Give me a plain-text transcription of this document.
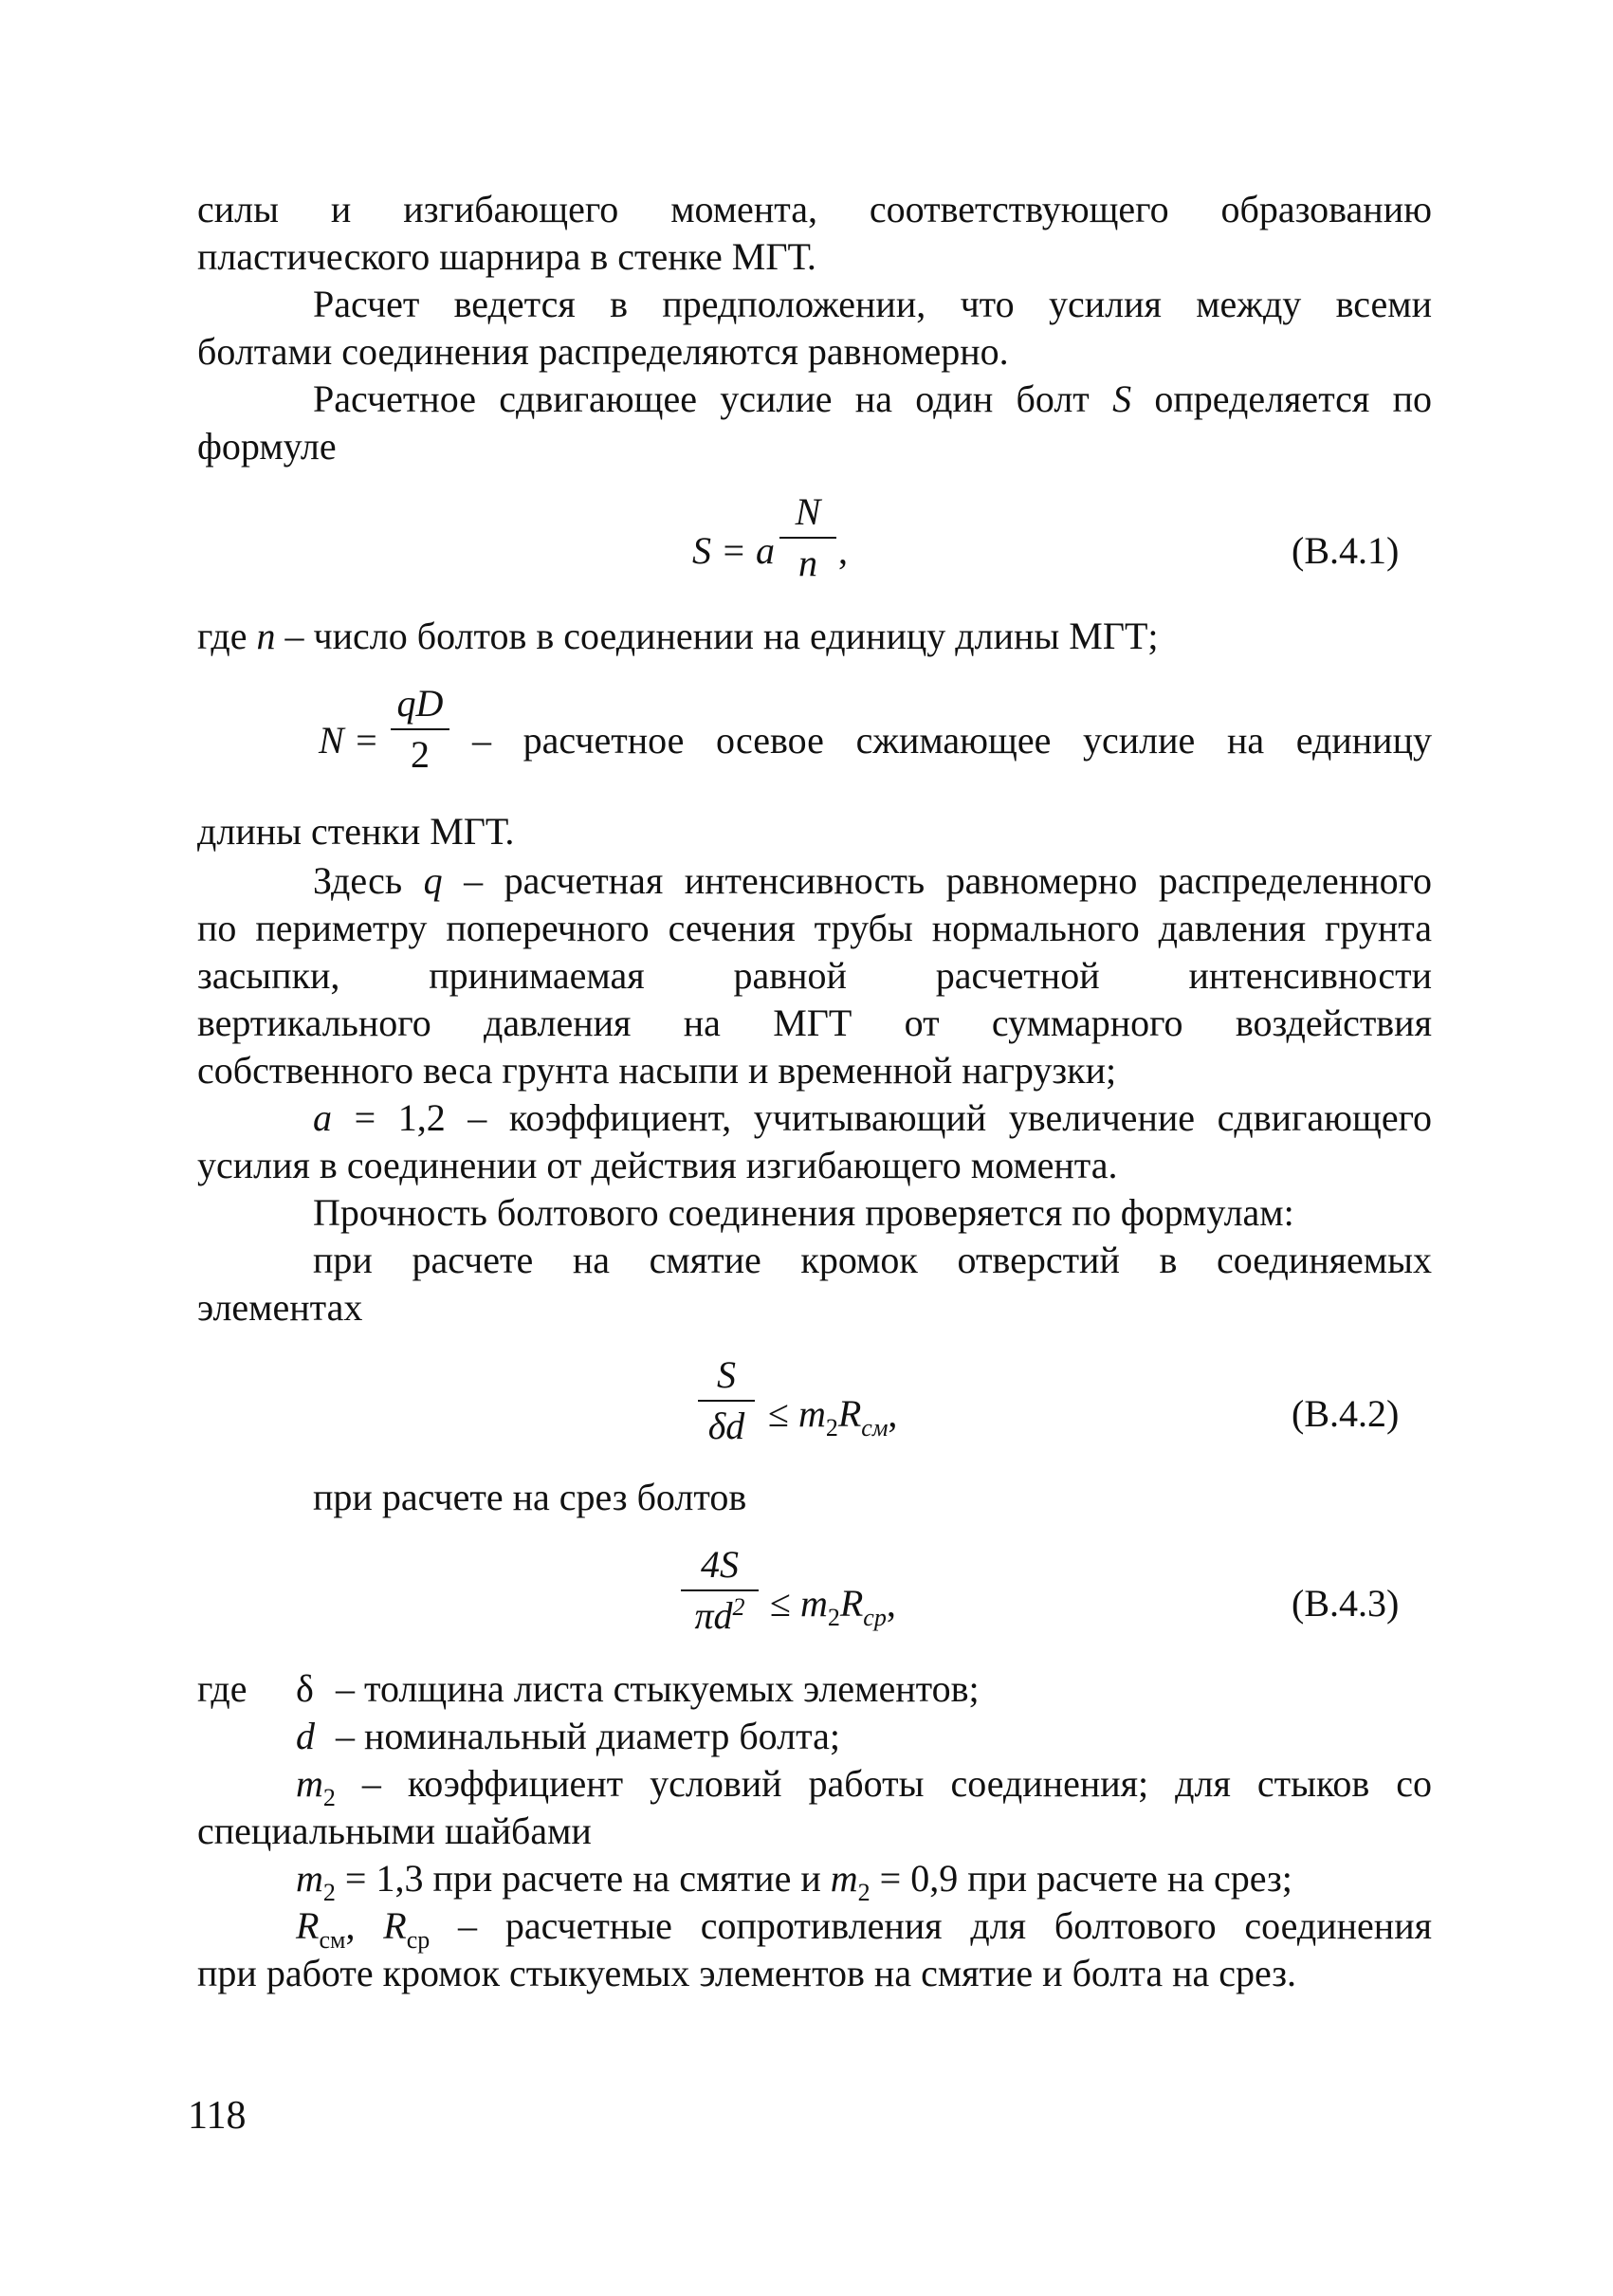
силы и изгибающего момента, соответствующего образованию
пластического шарнира в стенке МГТ.
Расчет ведется в предположении, что усилия между всеми
болтами соединения распределяются равномерно.
Расчетное сдвигающее усилие на один болт S определяется по
формуле
S = a
N
n ,	(B.4.1)
где n – число болтов в соединении на единицу длины МГТ;
N =
qD
2	– расчетное осевое сжимающее усилие на единицу
длины стенки МГТ.
Здесь q – расчетная интенсивность равномерно распределенного
по периметру поперечного сечения трубы нормального давления грунта
засыпки, принимаемая равной расчетной интенсивности
вертикального давления на МГТ от суммарного воздействия
собственного веса грунта насыпи и временной нагрузки;
a = 1,2 – коэффициент, учитывающий увеличение сдвигающего
усилия в соединении от действия изгибающего момента.
Прочность болтового соединения проверяется по формулам:
при расчете на смятие кромок отверстий в соединяемых
элементах
S
$\delta d \le m_2R_{см}$,	(B.4.2)
при расчете на срез болтов
4S
$\pi d^2 \le m_2R_{ср}$,	(B.4.3)
где δ – толщина листа стыкуемых элементов;
d – номинальный диаметр болта;
$m_2$ – коэффициент условий работы соединения; для стыков со
специальными шайбами
$m_2 = 1,3$ при расчете на смятие и $m_2 = 0,9$ при расчете на срез;
$R_{см}$, $R_{ср}$ – расчетные сопротивления для болтового соединения
при работе кромок стыкуемых элементов на смятие и болта на срез.
118
